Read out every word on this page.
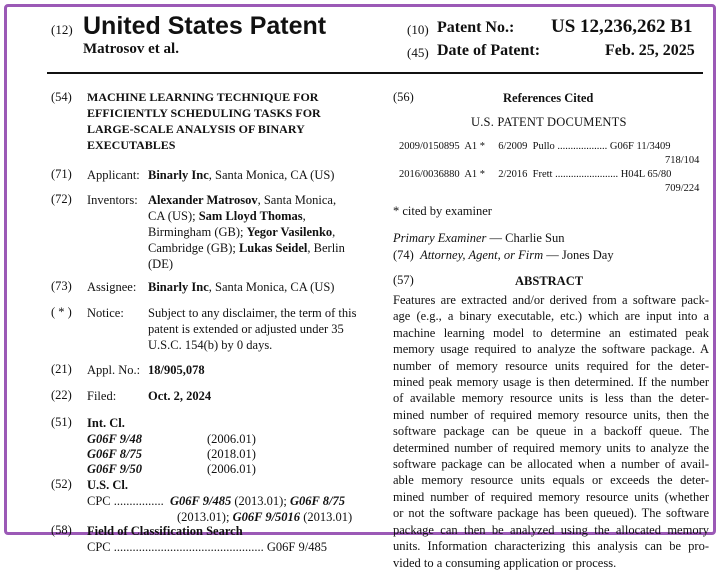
(12) United States Patent
Matrosov et al.
(10) Patent No.: US 12,236,262 B1
(45) Date of Patent:	Feb. 25, 2025
(54) MACHINE LEARNING TECHNIQUE FOR
EFFICIENTLY SCHEDULING TASKS FOR
LARGE-SCALE ANALYSIS OF BINARY
EXECUTABLES
(71) Applicant: Binarly Inc, Santa Monica, CA (US)
(72) Inventors: Alexander Matrosov, Santa Monica,
CA (US); Sam Lloyd Thomas,
Birmingham (GB); Yegor Vasilenko,
Cambridge (GB); Lukas Seidel, Berlin
(DE)
(73) Assignee: Binarly Inc, Santa Monica, CA (US)
( * ) Notice: Subject to any disclaimer, the term of this
patent is extended or adjusted under 35
U.S.C. 154(b) by 0 days.
(21) Appl. No.: 18/905,078
(22) Filed:	Oct. 2, 2024
(51) Int. Cl.
G06F 9/48	(2006.01)
G06F 8/75	(2018.01)
G06F 9/50	(2006.01)
(52) U.S. Cl.
CPC ................ G06F 9/485 (2013.01); G06F 8/75
(2013.01); G06F 9/5016 (2013.01)
(58) Field of Classification Search
CPC ................................................ G06F 9/485
(56)	References Cited
U.S. PATENT DOCUMENTS
2009/0150895 A1 * 6/2009 Pullo ................... G06F 11/3409
718/104
2016/0036880 A1 * 2/2016 Frett ........................ H04L 65/80
709/224
* cited by examiner
Primary Examiner — Charlie Sun
(74) Attorney, Agent, or Firm — Jones Day
(57)	ABSTRACT
Features are extracted and/or derived from a software pack-
age (e.g., a binary executable, etc.) which are input into a
machine learning model to determine an estimated peak
memory usage required to analyze the software package. A
number of memory resource units required for the deter-
mined peak memory usage is then determined. If the number
of available memory resource units is less than the deter-
mined number of required memory resource units, then the
software package can be queue in a backoff queue. The
determined number of required memory units to analyze the
software package can be allocated when a number of avail-
able memory resource units equals or exceeds the deter-
mined number of required memory resource units (whether
or not the software package has been queued). The software
package can then be analyzed using the allocated memory
units. Information characterizing this analysis can be pro-
vided to a consuming application or process.
